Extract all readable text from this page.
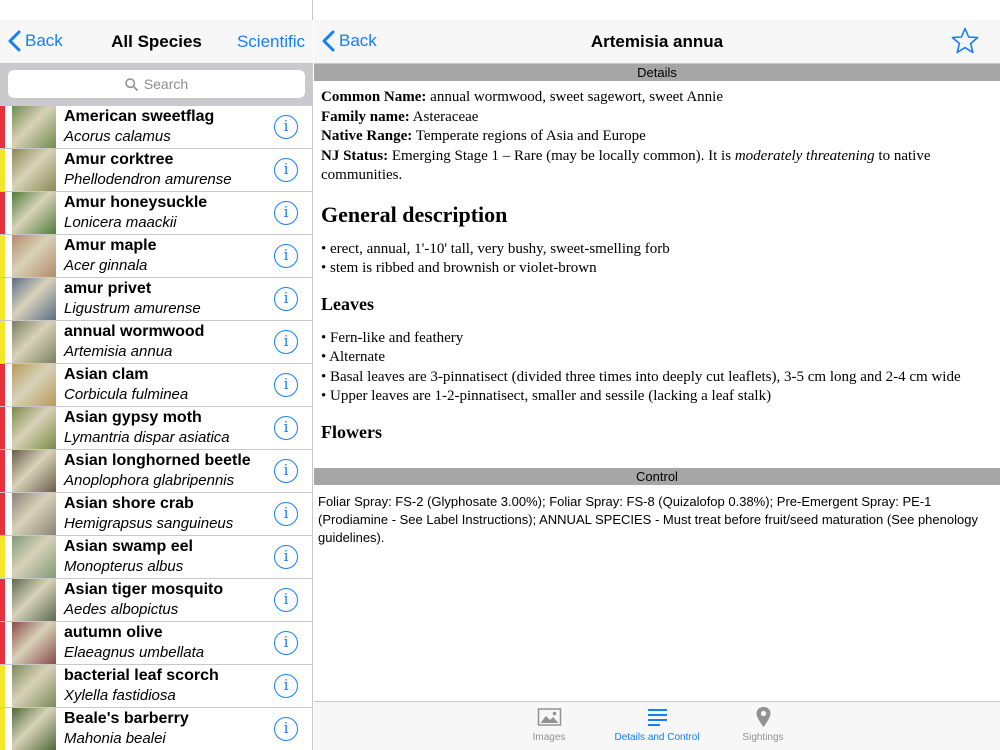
Back	All Species	Scientific
Search
American sweetflag
Acorus calamus
i
Amur corktree
Phellodendron amurense
i
Amur honeysuckle
Lonicera maackii
i
Amur maple
Acer ginnala
i
amur privet
Ligustrum amurense
i
annual wormwood
Artemisia annua
i
Asian clam
Corbicula fulminea
i
Asian gypsy moth
Lymantria dispar asiatica
i
Asian longhorned beetle
Anoplophora glabripennis
i
Asian shore crab
Hemigrapsus sanguineus
i
Asian swamp eel
Monopterus albus
i
Asian tiger mosquito
Aedes albopictus
i
autumn olive
Elaeagnus umbellata
i
bacterial leaf scorch
Xylella fastidiosa
i
Beale's barberry
Mahonia bealei
i
Back	Artemisia annua
Details

Common Name: annual wormwood, sweet sagewort, sweet Annie

Family name: Asteraceae

Native Range: Temperate regions of Asia and Europe

NJ Status: Emerging Stage 1 – Rare (may be locally common). It is moderately threatening to native communities.

General description

• erect, annual, 1'-10' tall, very bushy, sweet-smelling forb

• stem is ribbed and brownish or violet-brown

Leaves

• Fern-like and feathery

• Alternate

• Basal leaves are 3-pinnatisect (divided three times into deeply cut leaflets), 3-5 cm long and 2-4 cm wide

• Upper leaves are 1-2-pinnatisect, smaller and sessile (lacking a leaf stalk)

Flowers
Control
Foliar Spray: FS-2 (Glyphosate 3.00%); Foliar Spray: FS-8 (Quizalofop 0.38%); Pre-Emergent Spray: PE-1 (Prodiamine - See Label Instructions); ANNUAL SPECIES - Must treat before fruit/seed maturation (See phenology guidelines).
Images	Details and Control	Sightings
